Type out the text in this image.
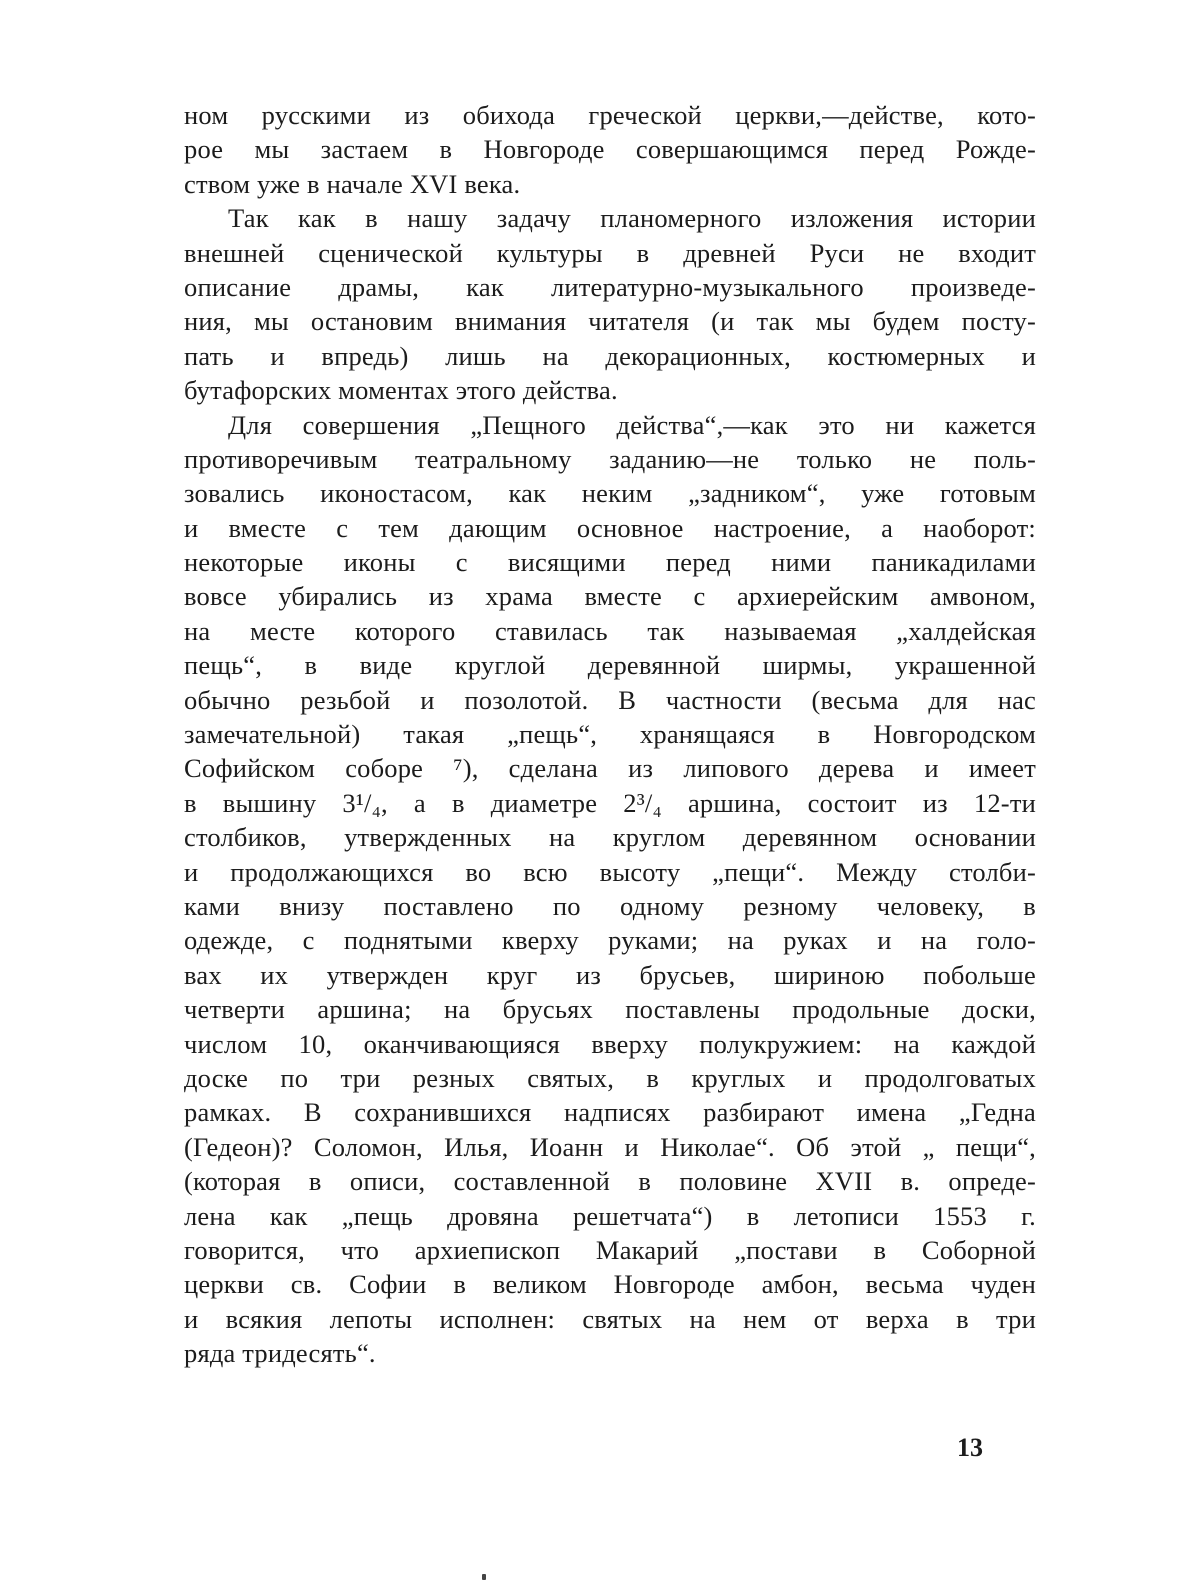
ном русскими из обихода греческой церкви,—действе, кото-
рое мы застаем в Новгороде совершающимся перед Рожде-
ством уже в начале XVI века.
Так как в нашу задачу планомерного изложения истории
внешней сценической культуры в древней Руси не входит
описание драмы, как литературно-музыкального произведе-
ния, мы остановим внимания читателя (и так мы будем посту-
пать и впредь) лишь на декорационных, костюмерных и
бутафорских моментах этого действа.
Для совершения „Пещного действа“,—как это ни кажется
противоречивым театральному заданию—не только не поль-
зовались иконостасом, как неким „задником“, уже готовым
и вместе с тем дающим основное настроение, а наоборот:
некоторые иконы с висящими перед ними паникадилами
вовсе убирались из храма вместе с архиерейским амвоном,
на месте которого ставилась так называемая „халдейская
пещь“, в виде круглой деревянной ширмы, украшенной
обычно резьбой и позолотой. В частности (весьма для нас
замечательной) такая „пещь“, хранящаяся в Новгородском
Софийском соборе ⁷), сделана из липового дерева и имеет
в вышину 3¹/₄, а в диаметре 2³/₄ аршина, состоит из 12-ти
столбиков, утвержденных на круглом деревянном основании
и продолжающихся во всю высоту „пещи“. Между столби-
ками внизу поставлено по одному резному человеку, в
одежде, с поднятыми кверху руками; на руках и на голо-
вах их утвержден круг из брусьев, шириною побольше
четверти аршина; на брусьях поставлены продольные доски,
числом 10, оканчивающияся вверху полукружием: на каждой
доске по три резных святых, в круглых и продолговатых
рамках. В сохранившихся надписях разбирают имена „Гедна
(Гедеон)? Соломон, Илья, Иоанн и Николае“. Об этой „ пещи“,
(которая в описи, составленной в половине XVII в. опреде-
лена как „пещь дровяна решетчата“) в летописи 1553 г.
говорится, что архиепископ Макарий „постави в Соборной
церкви св. Софии в великом Новгороде амбон, весьма чуден
и всякия лепоты исполнен: святых на нем от верха в три
ряда тридесять“.
13
